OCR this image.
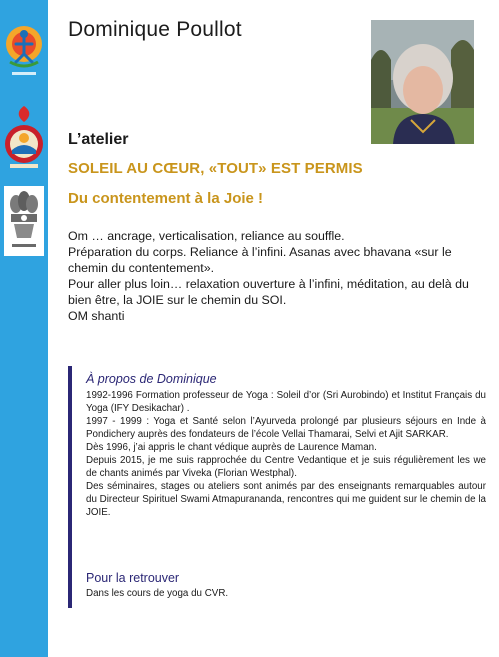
Dominique Poullot
L’atelier
SOLEIL AU CŒUR, «TOUT» EST PERMIS
Du contentement à la Joie !

Om … ancrage, verticalisation, reliance au souffle.

Préparation du corps. Reliance à l’infini. Asanas avec bhavana «sur le chemin du contentement».

Pour aller plus loin… relaxation ouverture à l’infini, méditation, au delà du bien être, la JOIE sur le chemin du SOI.

OM shanti

À propos de Dominique

1992-1996 Formation professeur de Yoga : Soleil d’or (Sri Aurobindo) et Institut Français du Yoga (IFY Desikachar) .

1997 - 1999 : Yoga et Santé selon l’Ayurveda prolongé par plusieurs séjours en Inde à Pondichery auprès des fondateurs de l’école Vellai Thamarai, Selvi et Ajit SARKAR.

Dès 1996, j’ai appris le chant védique auprès de Laurence Maman.

Depuis 2015, je me suis rapprochée du Centre Vedantique et je suis régulièrement les we de chants animés par Viveka (Florian Westphal).

Des séminaires, stages ou ateliers sont animés par des enseignants remarquables autour du Directeur Spirituel Swami Atmapuranandа, rencontres qui me guident sur le chemin de la JOIE.

Pour la retrouver
Dans les cours de yoga du CVR.
